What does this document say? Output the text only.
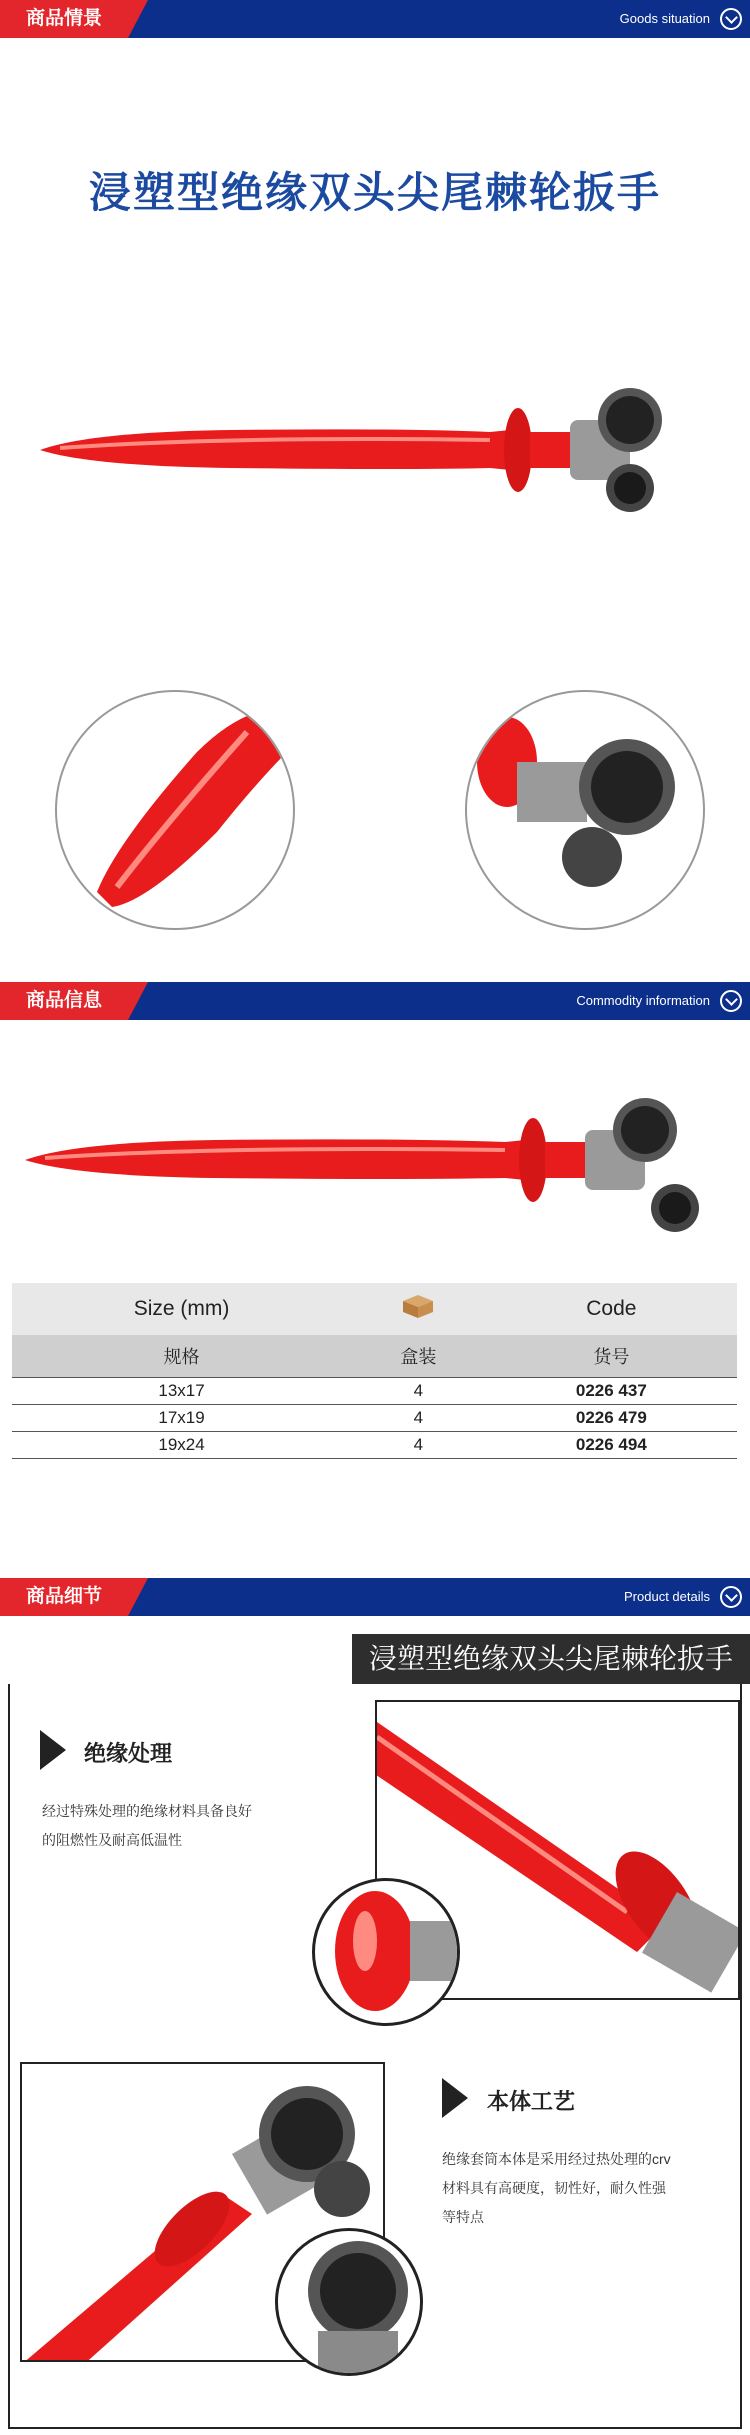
商品情景	Goods situation
浸塑型绝缘双头尖尾棘轮扳手
商品信息	Commodity information
Size (mm)		Code
规格	盒装	货号
13x17	4	0226 437
17x19	4	0226 479
19x24	4	0226 494
商品细节	Product details
浸塑型绝缘双头尖尾棘轮扳手
绝缘处理
经过特殊处理的绝缘材料具备良好
的阻燃性及耐高低温性
本体工艺
绝缘套筒本体是采用经过热处理的crv
材料具有高硬度，韧性好，耐久性强
等特点
